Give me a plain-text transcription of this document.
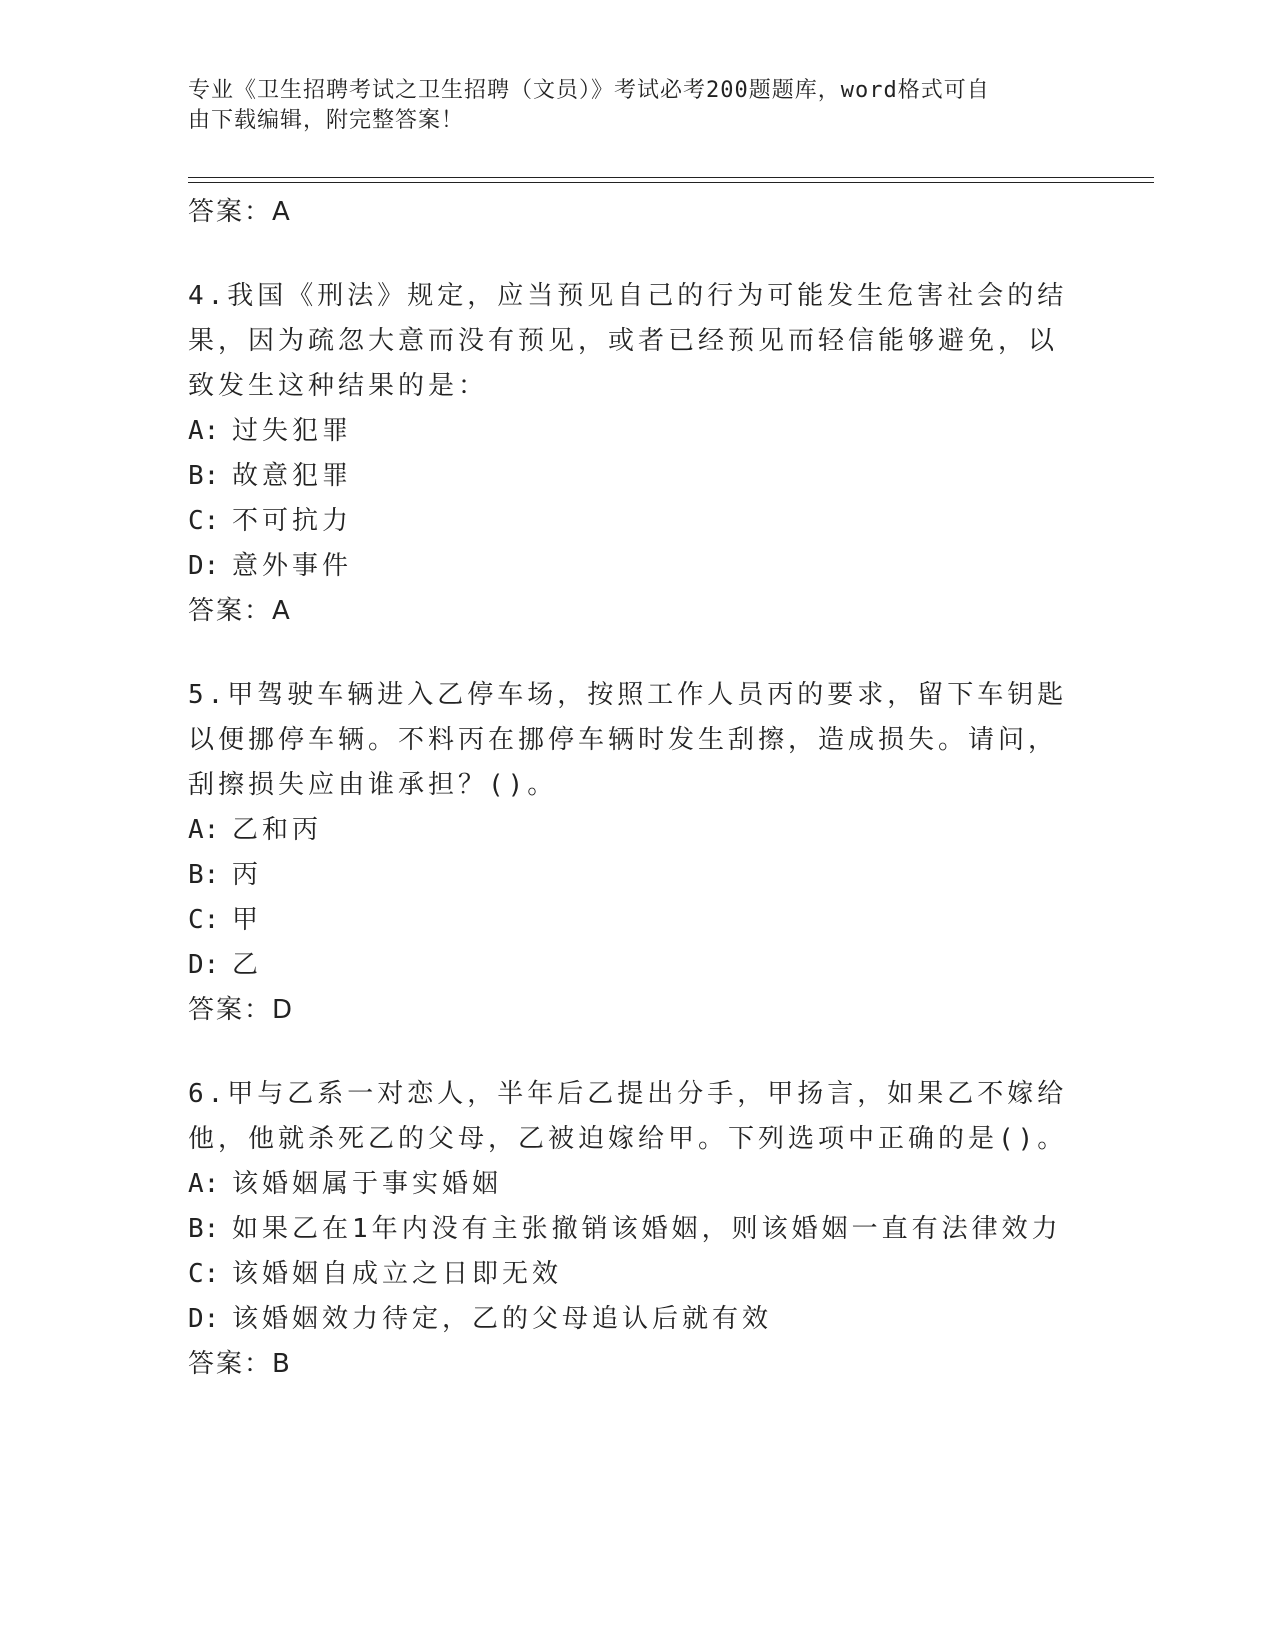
专业《卫生招聘考试之卫生招聘（文员）》考试必考200题题库，word格式可自
由下载编辑，附完整答案！
答案：A
4.我国《刑法》规定，应当预见自己的行为可能发生危害社会的结果，因为疏忽大意而没有预见，或者已经预见而轻信能够避免，以致发生这种结果的是：
A: 过失犯罪
B: 故意犯罪
C: 不可抗力
D: 意外事件
答案：A
5.甲驾驶车辆进入乙停车场，按照工作人员丙的要求，留下车钥匙以便挪停车辆。不料丙在挪停车辆时发生刮擦，造成损失。请问，刮擦损失应由谁承担？()。
A: 乙和丙
B: 丙
C: 甲
D: 乙
答案：D
6.甲与乙系一对恋人，半年后乙提出分手，甲扬言，如果乙不嫁给他，他就杀死乙的父母，乙被迫嫁给甲。下列选项中正确的是()。
A: 该婚姻属于事实婚姻
B: 如果乙在1年内没有主张撤销该婚姻，则该婚姻一直有法律效力
C: 该婚姻自成立之日即无效
D: 该婚姻效力待定，乙的父母追认后就有效
答案：B
